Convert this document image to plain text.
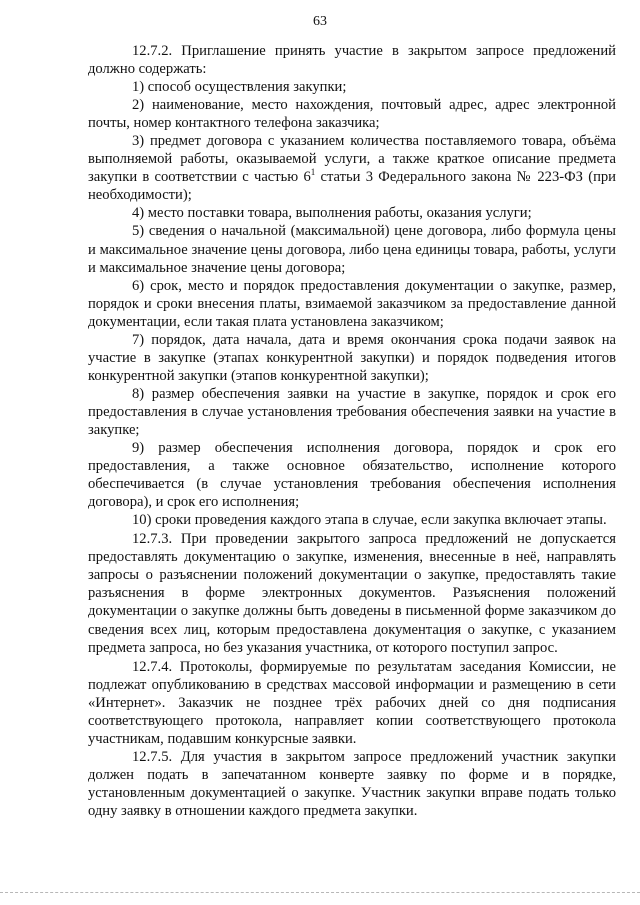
63

12.7.2. Приглашение принять участие в закрытом запросе предложений должно содержать:

1) способ осуществления закупки;

2) наименование, место нахождения, почтовый адрес, адрес электронной почты, номер контактного телефона заказчика;

3) предмет договора с указанием количества поставляемого товара, объёма выполняемой работы, оказываемой услуги, а также краткое описание предмета закупки в соответствии с частью $6^1$ статьи 3 Федерального закона № 223-ФЗ (при необходимости);

4) место поставки товара, выполнения работы, оказания услуги;

5) сведения о начальной (максимальной) цене договора, либо формула цены и максимальное значение цены договора, либо цена единицы товара, работы, услуги и максимальное значение цены договора;

6) срок, место и порядок предоставления документации о закупке, размер, порядок и сроки внесения платы, взимаемой заказчиком за предоставление данной документации, если такая плата установлена заказчиком;

7) порядок, дата начала, дата и время окончания срока подачи заявок на участие в закупке (этапах конкурентной закупки) и порядок подведения итогов конкурентной закупки (этапов конкурентной закупки);

8) размер обеспечения заявки на участие в закупке, порядок и срок его предоставления в случае установления требования обеспечения заявки на участие в закупке;

9) размер обеспечения исполнения договора, порядок и срок его предоставления, а также основное обязательство, исполнение которого обеспечивается (в случае установления требования обеспечения исполнения договора), и срок его исполнения;

10) сроки проведения каждого этапа в случае, если закупка включает этапы.

12.7.3. При проведении закрытого запроса предложений не допускается предоставлять документацию о закупке, изменения, внесенные в неё, направлять запросы о разъяснении положений документации о закупке, предоставлять такие разъяснения в форме электронных документов. Разъяснения положений документации о закупке должны быть доведены в письменной форме заказчиком до сведения всех лиц, которым предоставлена документация о закупке, с указанием предмета запроса, но без указания участника, от которого поступил запрос.

12.7.4. Протоколы, формируемые по результатам заседания Комиссии, не подлежат опубликованию в средствах массовой информации и размещению в сети «Интернет». Заказчик не позднее трёх рабочих дней со дня подписания соответствующего протокола, направляет копии соответствующего протокола участникам, подавшим конкурсные заявки.

12.7.5. Для участия в закрытом запросе предложений участник закупки должен подать в запечатанном конверте заявку по форме и в порядке, установленным документацией о закупке. Участник закупки вправе подать только одну заявку в отношении каждого предмета закупки.
